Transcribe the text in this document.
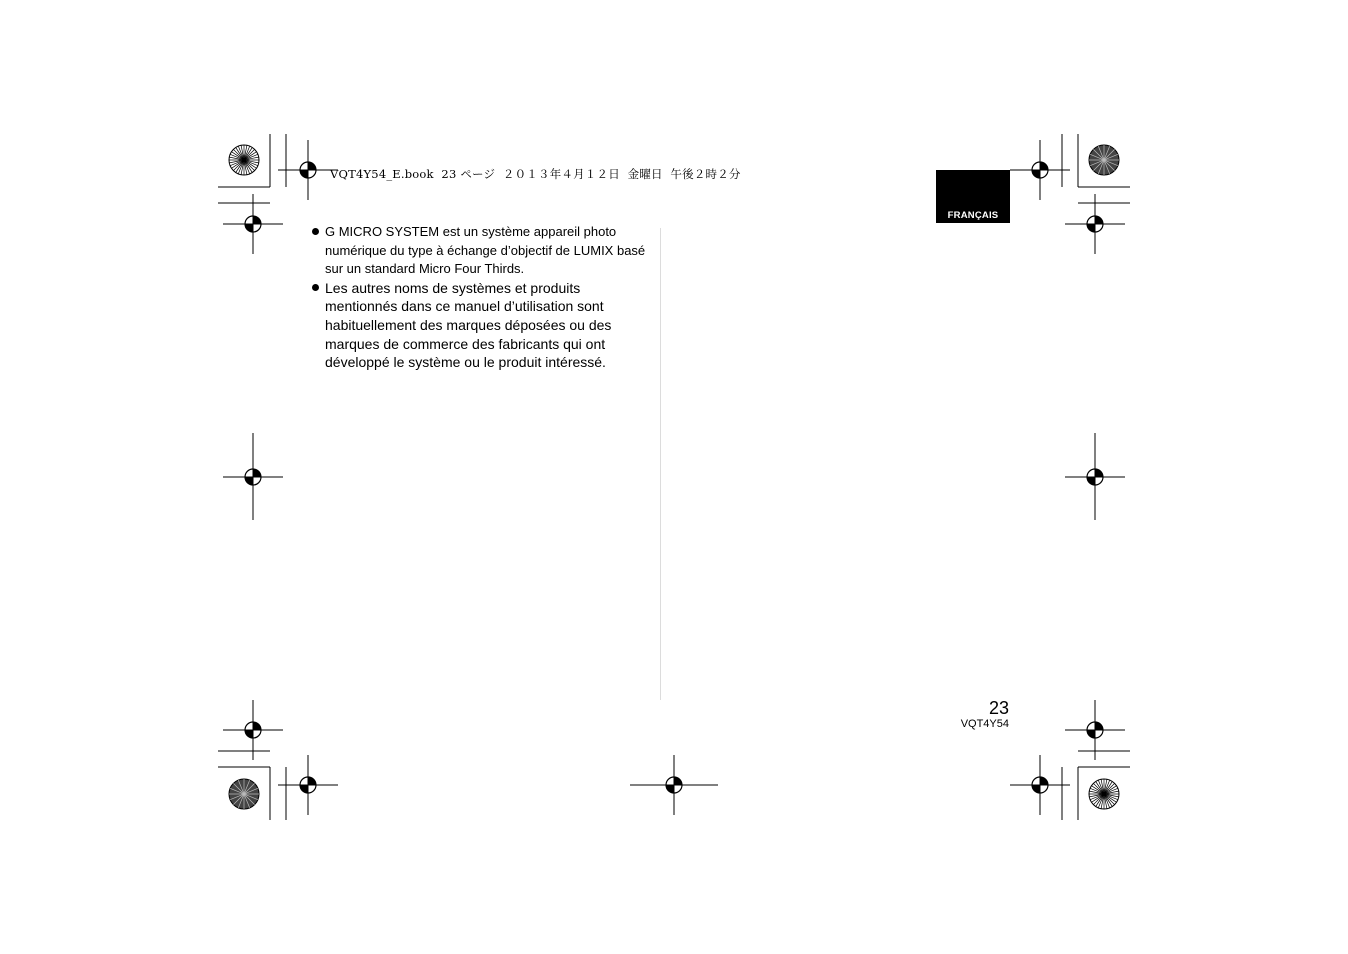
VQT4Y54_E.book  23 ページ  ２０１３年４月１２日  金曜日  午後２時２分
FRANÇAIS

G MICRO SYSTEM est un système appareil photo numérique du type à échange d’objectif de LUMIX basé sur un standard Micro Four Thirds.

Les autres noms de systèmes et produits mentionnés dans ce manuel d’utilisation sont habituellement des marques déposées ou des marques de commerce des fabricants qui ont développé le système ou le produit intéressé.

23
VQT4Y54
